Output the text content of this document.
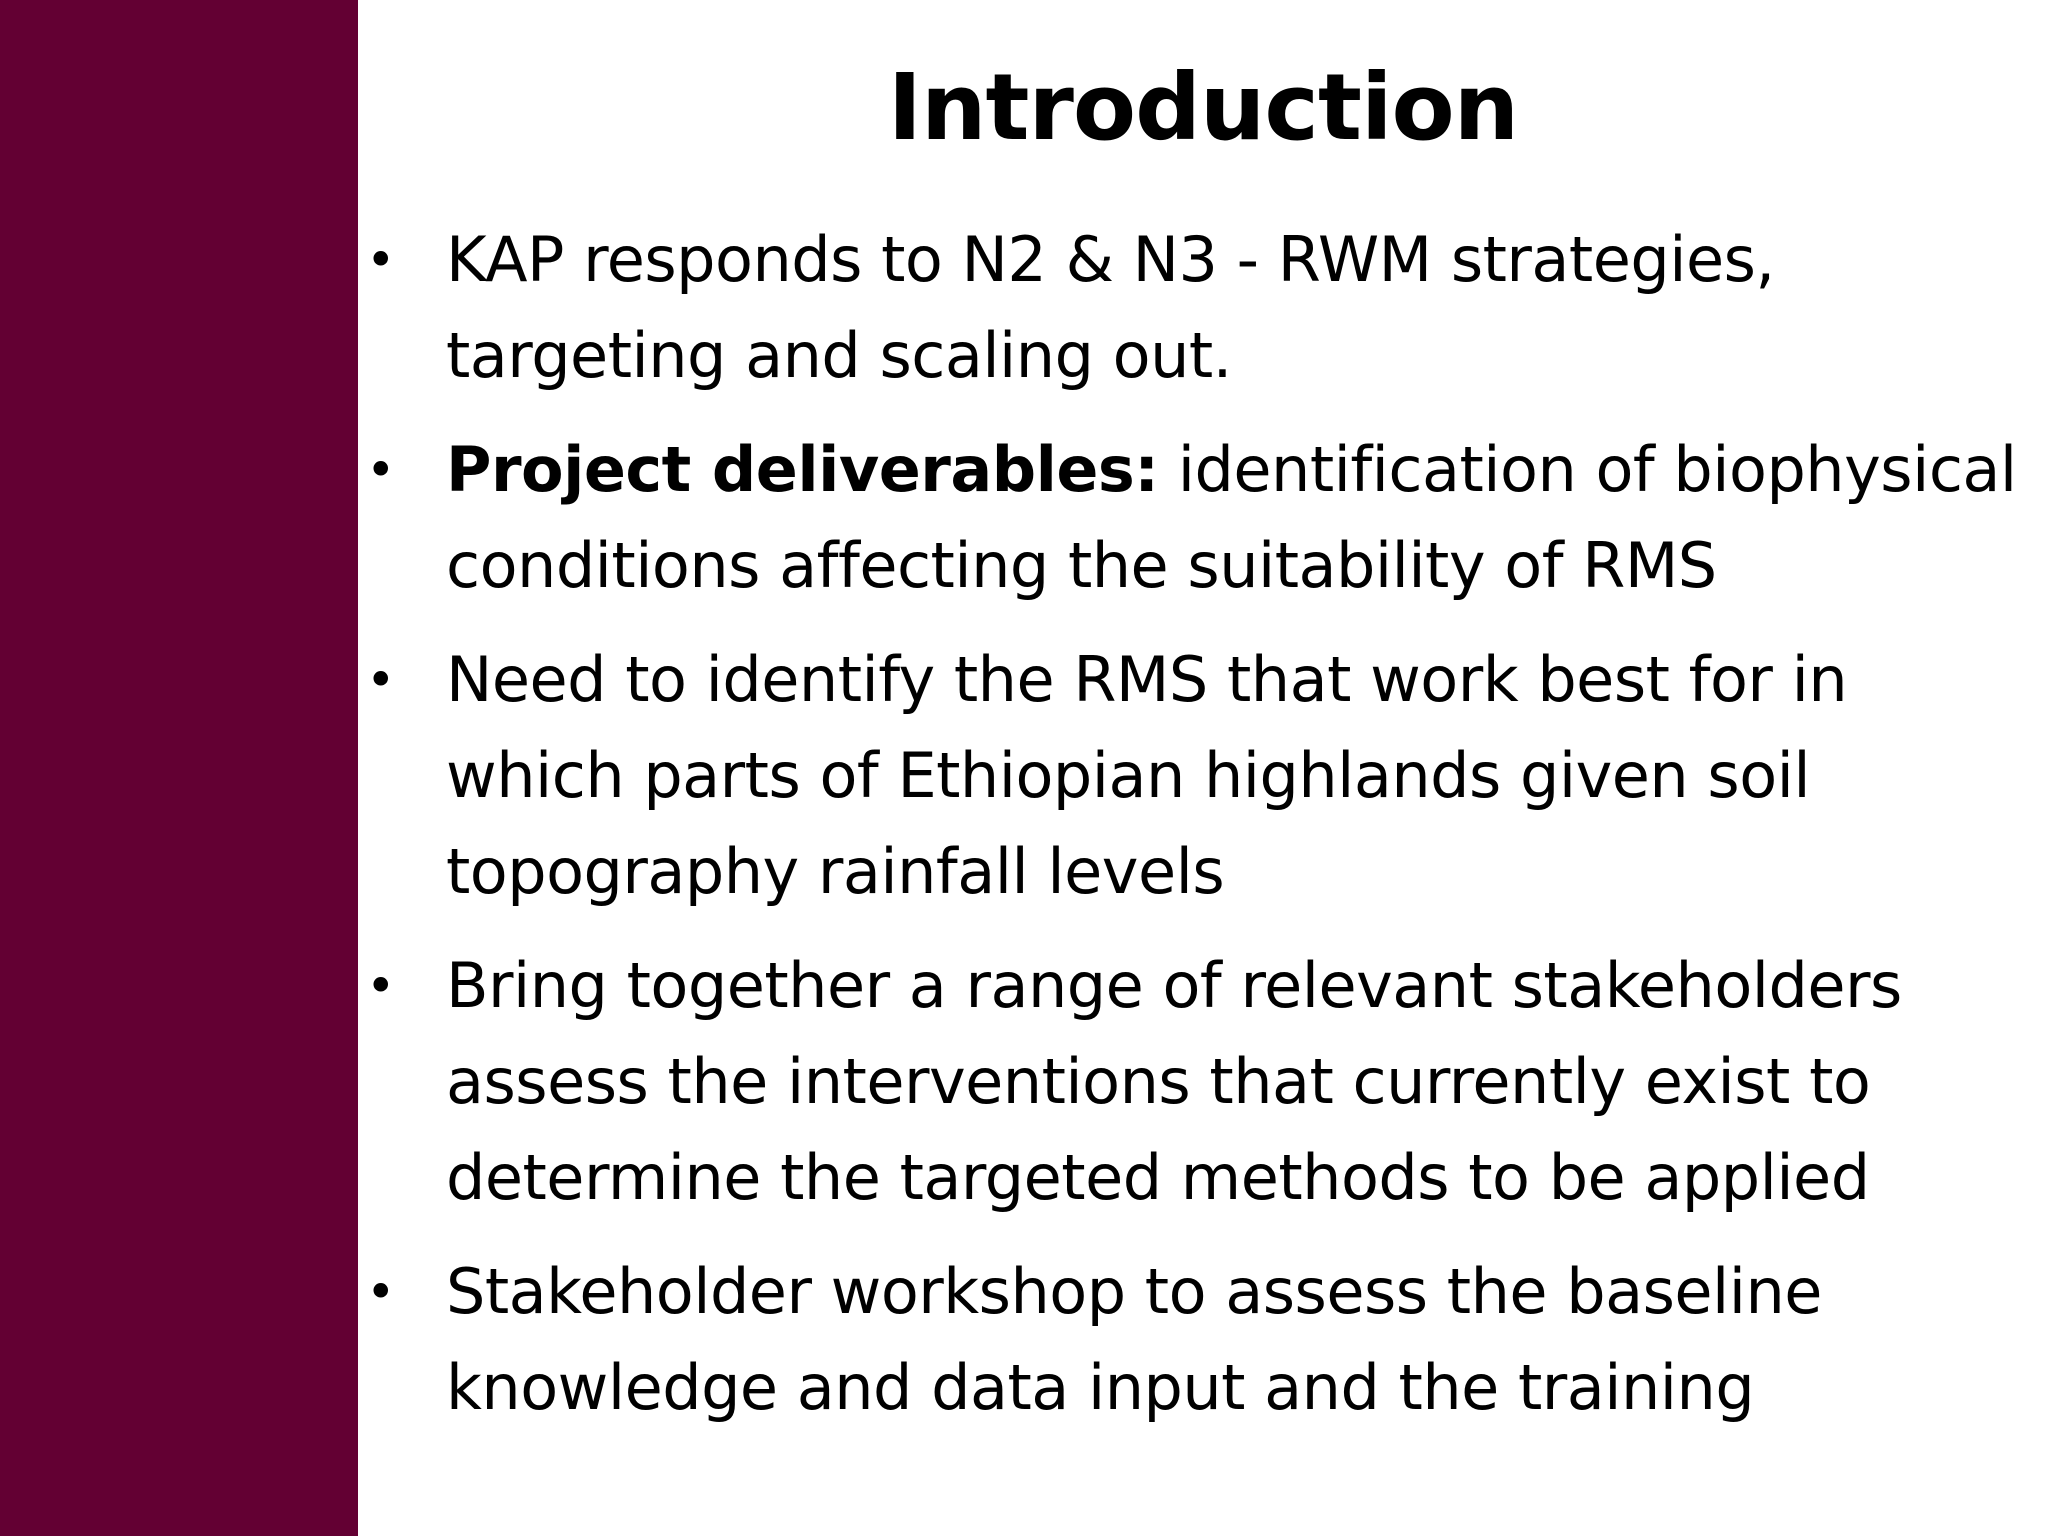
Introduction
• KAP responds to N2 & N3 - RWM strategies, targeting and scaling out.
• Project deliverables: identification of biophysical conditions affecting the suitability of RMS
• Need to identify the RMS that work best for in which parts of Ethiopian highlands given soil topography rainfall levels
• Bring together a range of relevant stakeholders assess the interventions that currently exist to determine the targeted methods to be applied
• Stakeholder workshop to assess the baseline knowledge and data input and the training
